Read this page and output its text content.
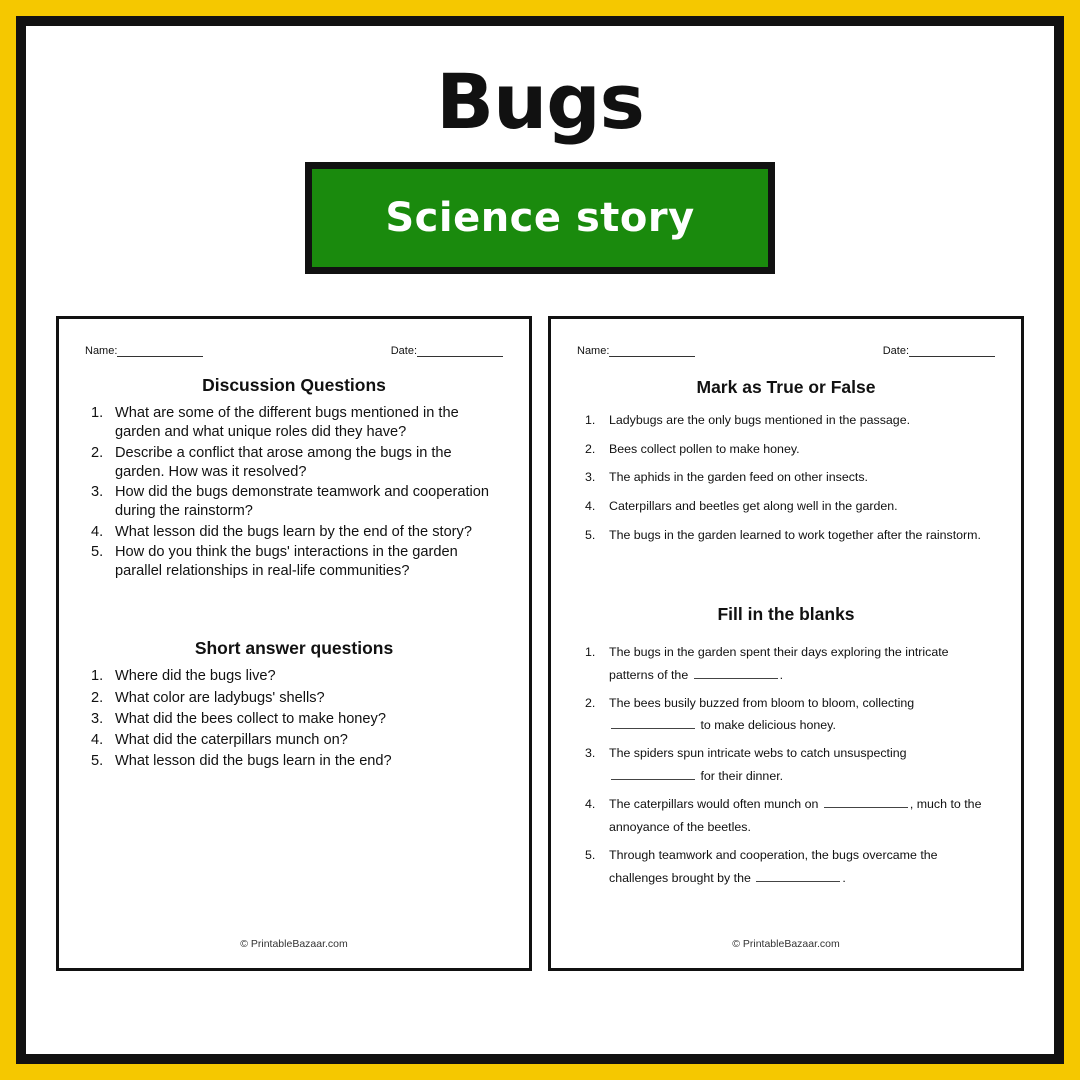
Bugs
Science story
Name:	Date:
Discussion Questions
What are some of the different bugs mentioned in the garden and what unique roles did they have?
Describe a conflict that arose among the bugs in the garden. How was it resolved?
How did the bugs demonstrate teamwork and cooperation during the rainstorm?
What lesson did the bugs learn by the end of the story?
How do you think the bugs' interactions in the garden parallel relationships in real-life communities?
Short answer questions
Where did the bugs live?
What color are ladybugs' shells?
What did the bees collect to make honey?
What did the caterpillars munch on?
What lesson did the bugs learn in the end?
© PrintableBazaar.com
Name:	Date:
Mark as True or False
Ladybugs are the only bugs mentioned in the passage.
Bees collect pollen to make honey.
The aphids in the garden feed on other insects.
Caterpillars and beetles get along well in the garden.
The bugs in the garden learned to work together after the rainstorm.
Fill in the blanks
The bugs in the garden spent their days exploring the intricate patterns of the	.
The bees busily buzzed from bloom to bloom, collecting  to make delicious honey.
The spiders spun intricate webs to catch unsuspecting  for their dinner.
The caterpillars would often munch on	, much to the annoyance of the beetles.
Through teamwork and cooperation, the bugs overcame the challenges brought by the	.
© PrintableBazaar.com
